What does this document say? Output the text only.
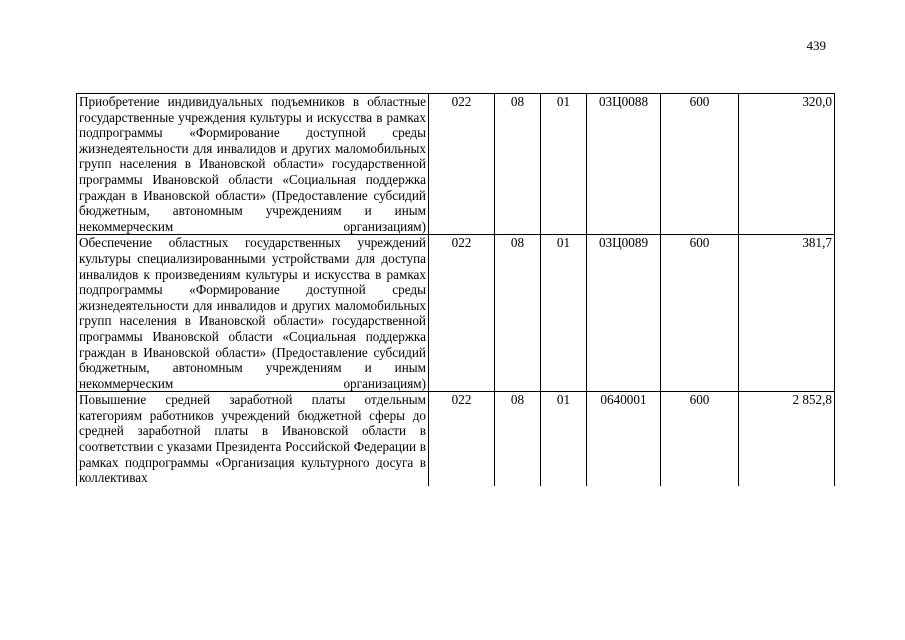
439
Приобретение индивидуальных подъемников в областные государственные учреждения культуры и искусства в рамках подпрограммы «Формирование доступной среды жизнедеятельности для инвалидов и других маломобильных групп населения в Ивановской области» государственной программы Ивановской области «Социальная поддержка граждан в Ивановской области» (Предоставление субсидий бюджетным, автономным учреждениям и иным некоммерческим организациям)	022	08	01	03Ц0088	600	320,0
Обеспечение областных государственных учреждений культуры специализированными устройствами для доступа инвалидов к произведениям культуры и искусства в рамках подпрограммы «Формирование доступной среды жизнедеятельности для инвалидов и других маломобильных групп населения в Ивановской области» государственной программы Ивановской области «Социальная поддержка граждан в Ивановской области» (Предоставление субсидий бюджетным, автономным учреждениям и иным некоммерческим организациям)	022	08	01	03Ц0089	600	381,7
Повышение средней заработной платы отдельным категориям работников учреждений бюджетной сферы до средней заработной платы в Ивановской области в соответствии с указами Президента Российской Федерации в рамках подпрограммы «Организация культурного досуга в коллективах	022	08	01	0640001	600	2 852,8
